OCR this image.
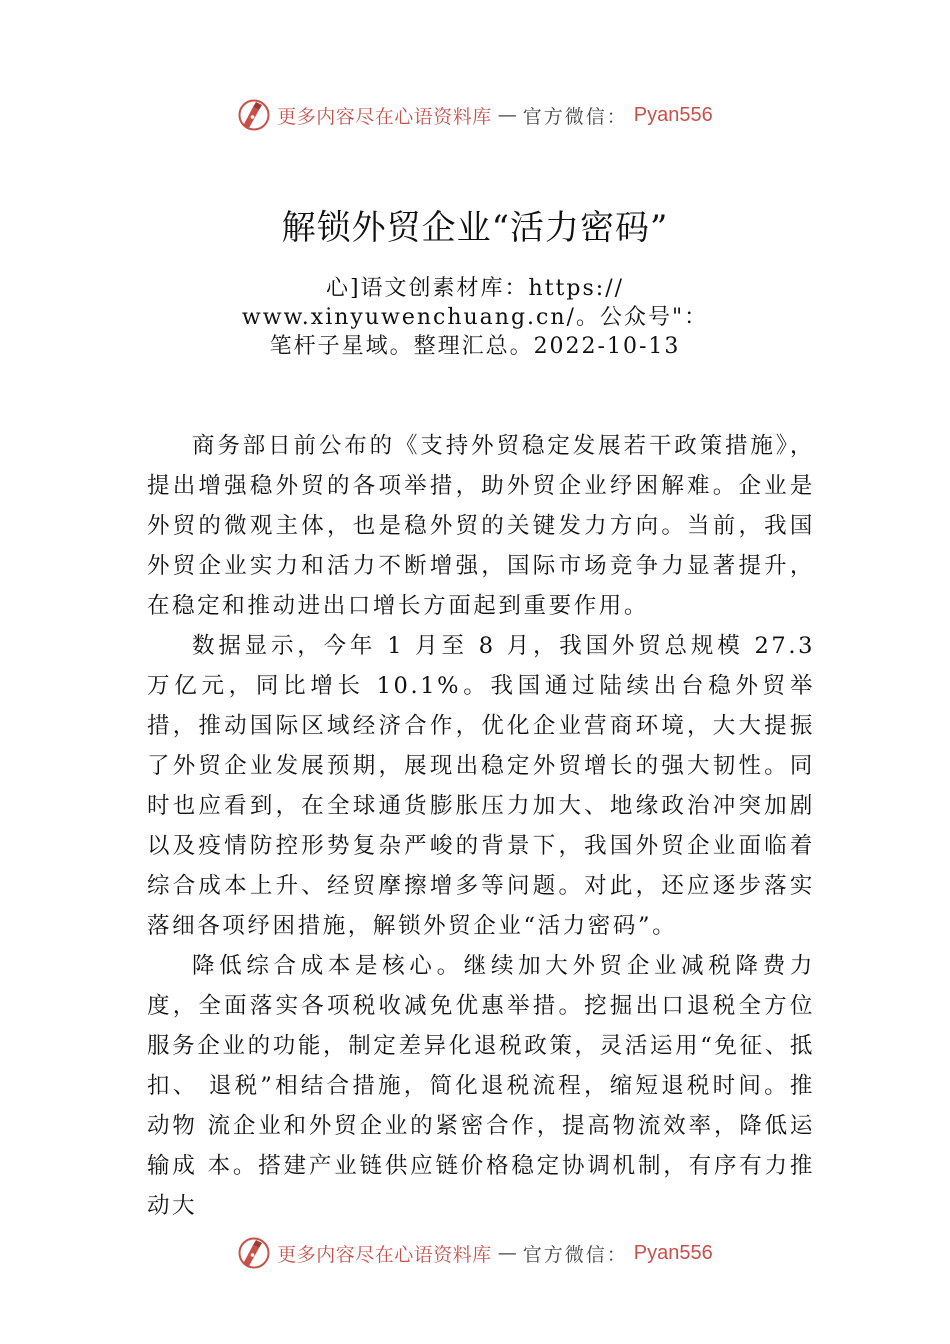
更多内容尽在心语资料库 — 官方微信： Pyan556
解锁外贸企业“活力密码”
心]语文创素材库：https://
www.xinyuwenchuang.cn/。公众号"：
笔杆子星域。整理汇总。2022-10-13

商务部日前公布的《支持外贸稳定发展若干政策措施》，提出增强稳外贸的各项举措，助外贸企业纾困解难。企业是外贸的微观主体，也是稳外贸的关键发力方向。当前，我国外贸企业实力和活力不断增强，国际市场竞争力显著提升， 在稳定和推动进出口增长方面起到重要作用。

数据显示，今年 1 月至 8 月，我国外贸总规模 27.3 万亿元，同比增长 10.1%。我国通过陆续出台稳外贸举措，推动国际区域经济合作，优化企业营商环境，大大提振了外贸企业发展预期，展现出稳定外贸增长的强大韧性。同时也应看到，在全球通货膨胀压力加大、地缘政治冲突加剧以及疫情防控形势复杂严峻的背景下，我国外贸企业面临着综合成本上升、经贸摩擦增多等问题。对此，还应逐步落实落细各项纾困措施，解锁外贸企业“活力密码”。

降低综合成本是核心。继续加大外贸企业减税降费力度，全面落实各项税收减免优惠举措。挖掘出口退税全方位服务企业的功能，制定差异化退税政策，灵活运用“免征、抵扣、 退税”相结合措施，简化退税流程，缩短退税时间。推动物 流企业和外贸企业的紧密合作，提高物流效率，降低运输成 本。搭建产业链供应链价格稳定协调机制，有序有力推动大

更多内容尽在心语资料库 — 官方微信： Pyan556
